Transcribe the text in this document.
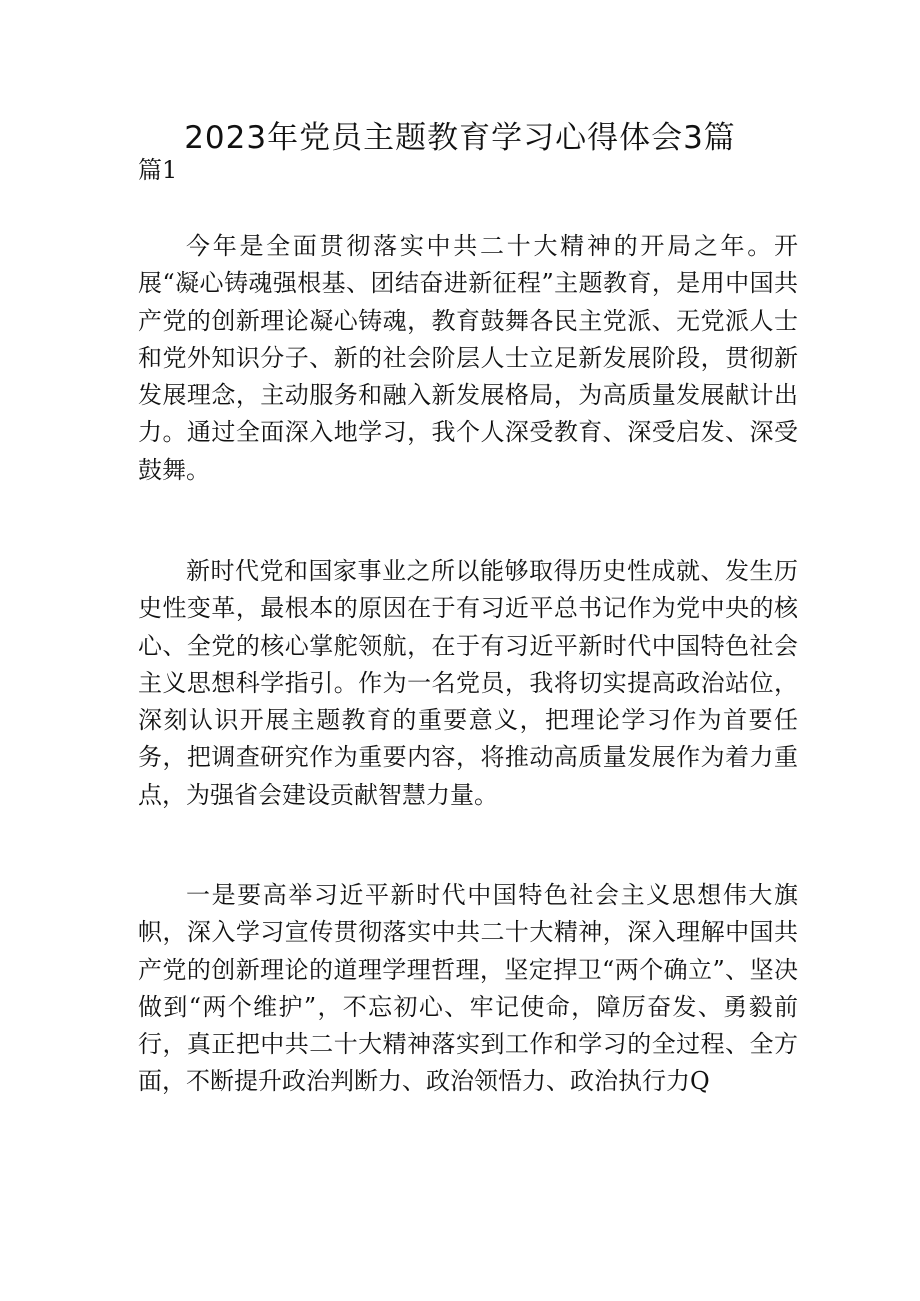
2023年党员主题教育学习心得体会3篇

篇1

今年是全面贯彻落实中共二十大精神的开局之年。开展“凝心铸魂强根基、团结奋进新征程”主题教育，是用中国共产党的创新理论凝心铸魂，教育鼓舞各民主党派、无党派人士和党外知识分子、新的社会阶层人士立足新发展阶段，贯彻新发展理念，主动服务和融入新发展格局，为高质量发展献计出力。通过全面深入地学习，我个人深受教育、深受启发、深受鼓舞。

新时代党和国家事业之所以能够取得历史性成就、发生历史性变革，最根本的原因在于有习近平总书记作为党中央的核心、全党的核心掌舵领航，在于有习近平新时代中国特色社会主义思想科学指引。作为一名党员，我将切实提高政治站位，深刻认识开展主题教育的重要意义，把理论学习作为首要任务，把调查研究作为重要内容，将推动高质量发展作为着力重点，为强省会建设贡献智慧力量。

一是要高举习近平新时代中国特色社会主义思想伟大旗帜，深入学习宣传贯彻落实中共二十大精神，深入理解中国共产党的创新理论的道理学理哲理，坚定捍卫“两个确立”、坚决做到“两个维护”，不忘初心、牢记使命，障厉奋发、勇毅前行，真正把中共二十大精神落实到工作和学习的全过程、全方面，不断提升政治判断力、政治领悟力、政治执行力Q
